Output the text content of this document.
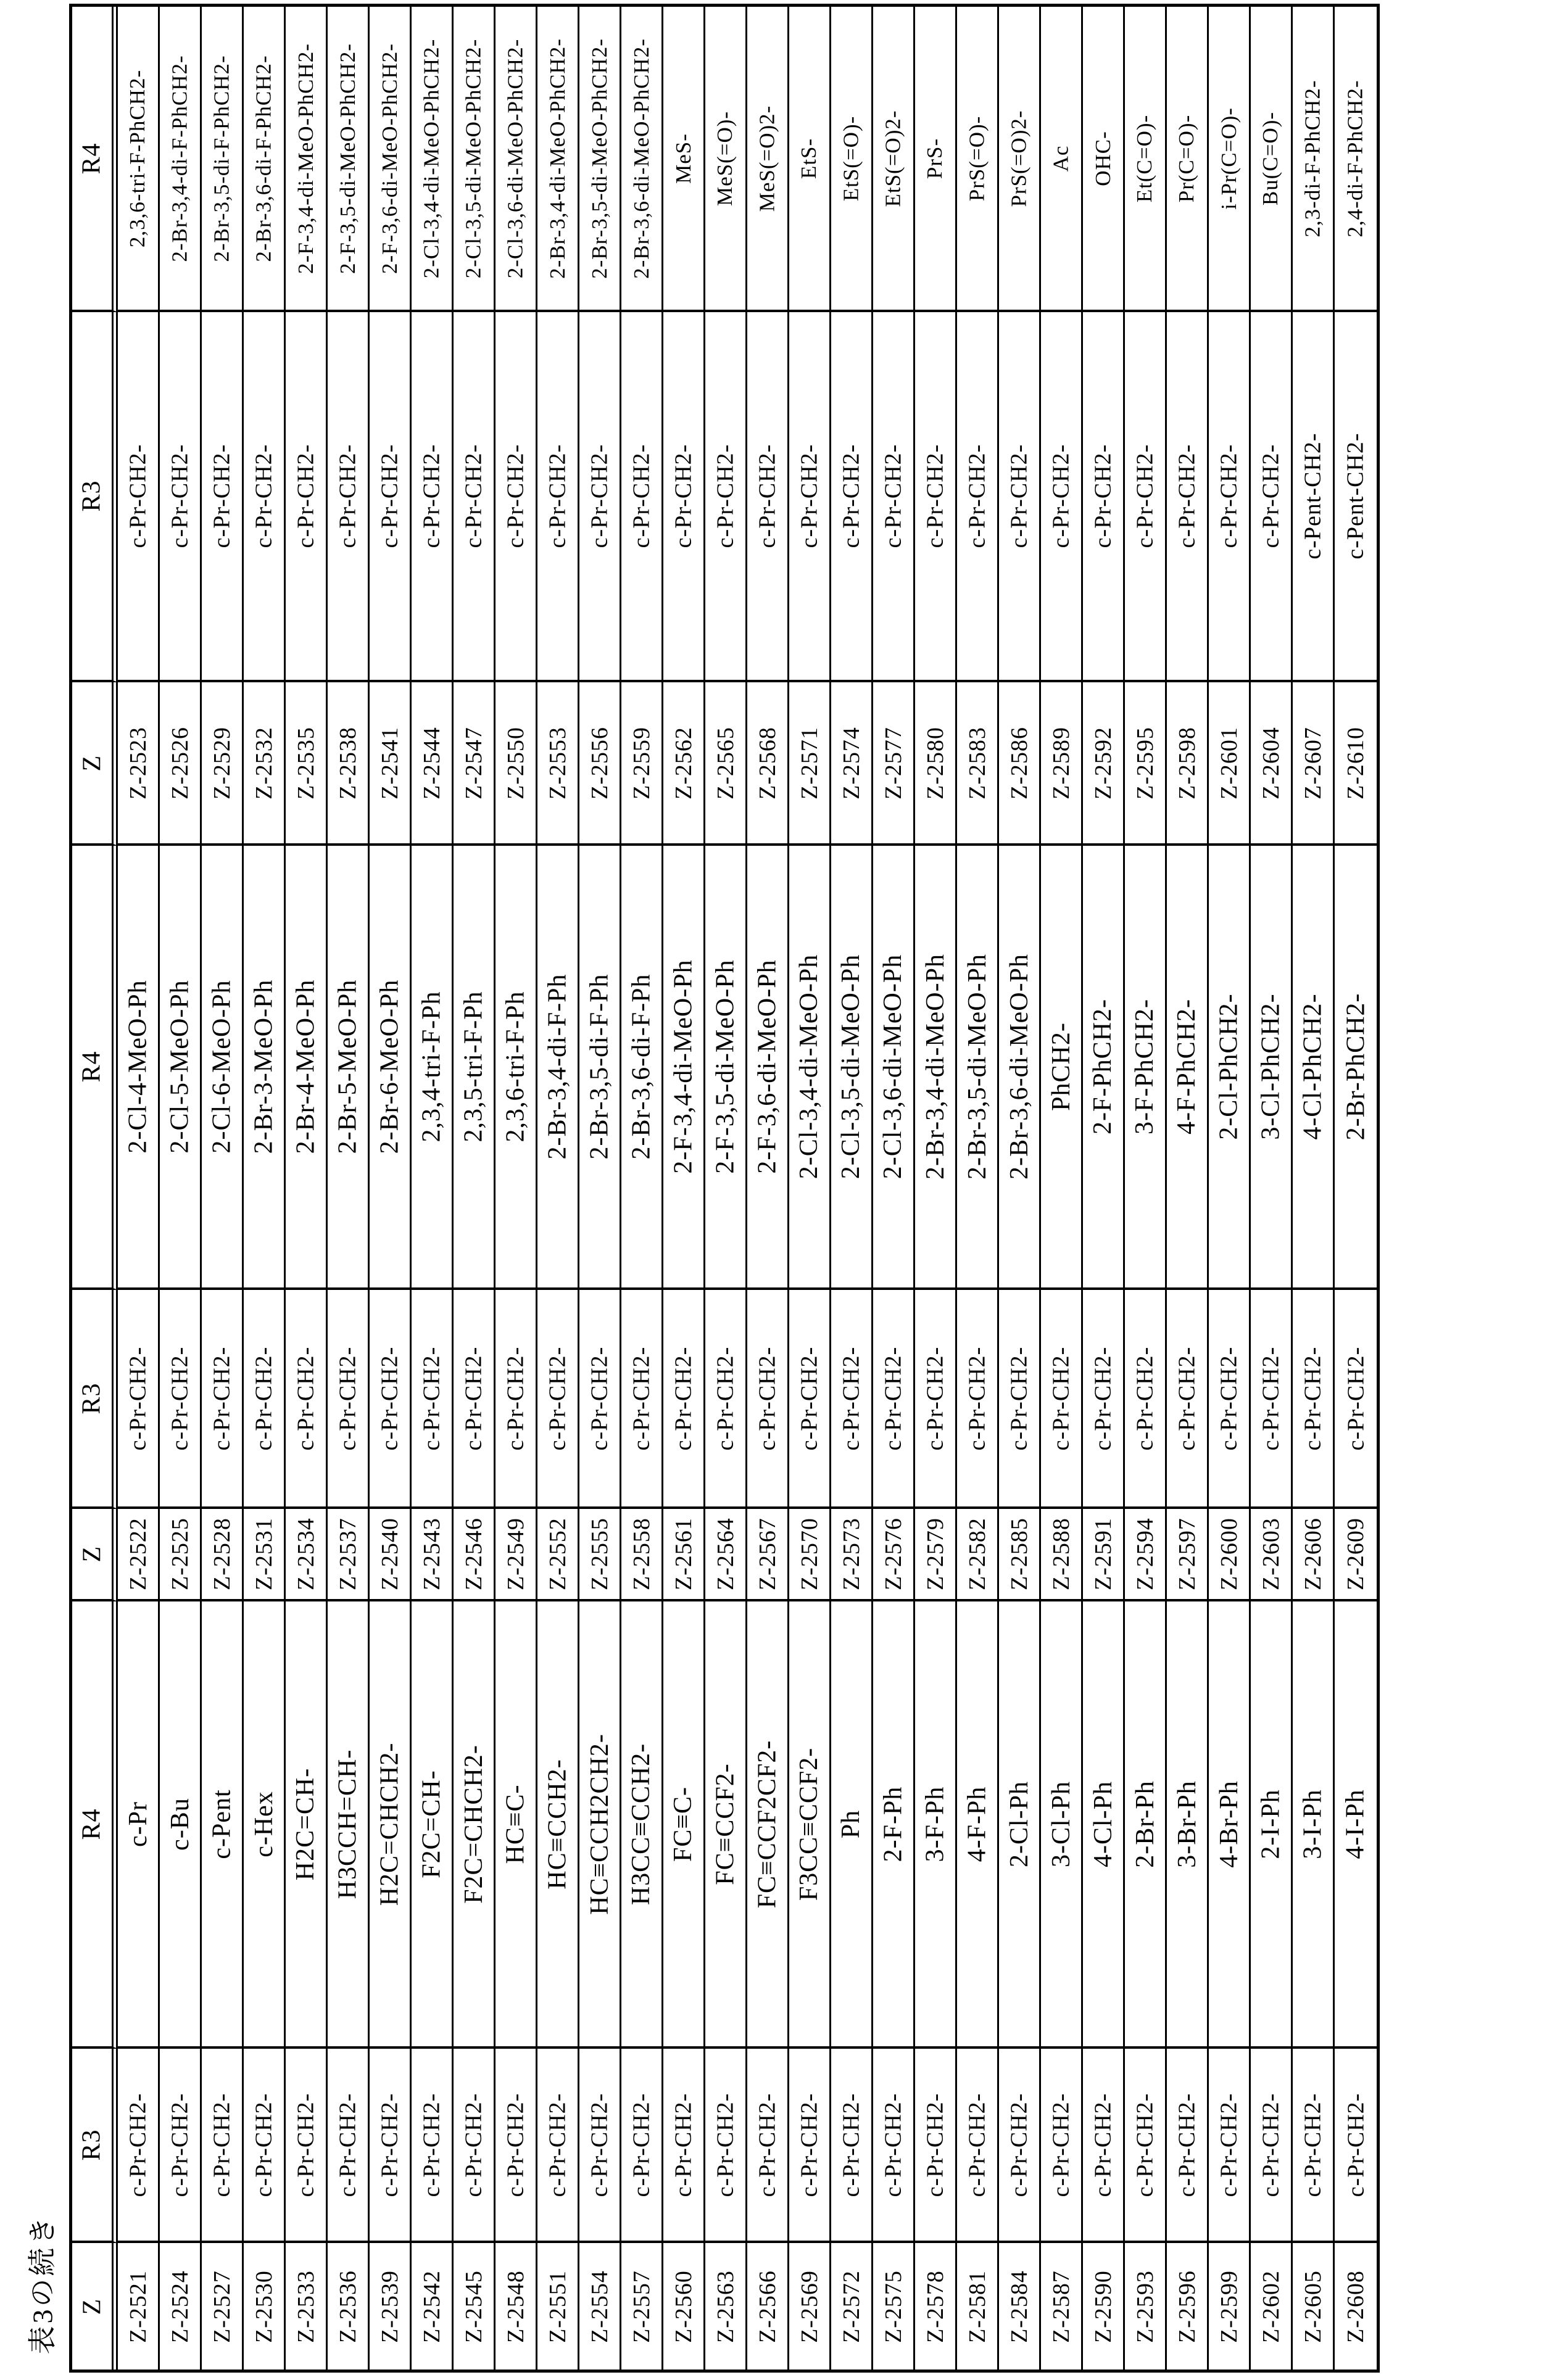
表3の続き
R4 2,3,6-tri-F-PhCH2- 2-Br-3,4-di-F-PhCH2- 2-Br-3,5-di-F-PhCH2- 2-Br-3,6-di-F-PhCH2- 2-F-3,4-di-MeO-PhCH2- 2-F-3,5-di-MeO-PhCH2- 2-F-3,6-di-MeO-PhCH2- 2-Cl-3,4-di-MeO-PhCH2- 2-Cl-3,5-di-MeO-PhCH2- 2-Cl-3,6-di-MeO-PhCH2- 2-Br-3,4-di-MeO-PhCH2- 2-Br-3,5-di-MeO-PhCH2- 2-Br-3,6-di-MeO-PhCH2- MeS- MeS(=O)- MeS(=O)2- EtS- EtS(=O)- EtS(=O)2- PrS- PrS(=O)- PrS(=O)2- Ac OHC- Et(C=O)- Pr(C=O)- i-Pr(C=O)- Bu(C=O)- 2,3-di-F-PhCH2- 2,4-di-F-PhCH2-
R3 c-Pr-CH2- c-Pr-CH2- c-Pr-CH2- c-Pr-CH2- c-Pr-CH2- c-Pr-CH2- c-Pr-CH2- c-Pr-CH2- c-Pr-CH2- c-Pr-CH2- c-Pr-CH2- c-Pr-CH2- c-Pr-CH2- c-Pr-CH2- c-Pr-CH2- c-Pr-CH2- c-Pr-CH2- c-Pr-CH2- c-Pr-CH2- c-Pr-CH2- c-Pr-CH2- c-Pr-CH2- c-Pr-CH2- c-Pr-CH2- c-Pr-CH2- c-Pr-CH2- c-Pr-CH2- c-Pr-CH2- c-Pent-CH2- c-Pent-CH2-
Z Z-2523 Z-2526 Z-2529 Z-2532 Z-2535 Z-2538 Z-2541 Z-2544 Z-2547 Z-2550 Z-2553 Z-2556 Z-2559 Z-2562 Z-2565 Z-2568 Z-2571 Z-2574 Z-2577 Z-2580 Z-2583 Z-2586 Z-2589 Z-2592 Z-2595 Z-2598 Z-2601 Z-2604 Z-2607 Z-2610
R4 2-Cl-4-MeO-Ph 2-Cl-5-MeO-Ph 2-Cl-6-MeO-Ph 2-Br-3-MeO-Ph 2-Br-4-MeO-Ph 2-Br-5-MeO-Ph 2-Br-6-MeO-Ph 2,3,4-tri-F-Ph 2,3,5-tri-F-Ph 2,3,6-tri-F-Ph 2-Br-3,4-di-F-Ph 2-Br-3,5-di-F-Ph 2-Br-3,6-di-F-Ph 2-F-3,4-di-MeO-Ph 2-F-3,5-di-MeO-Ph 2-F-3,6-di-MeO-Ph 2-Cl-3,4-di-MeO-Ph 2-Cl-3,5-di-MeO-Ph 2-Cl-3,6-di-MeO-Ph 2-Br-3,4-di-MeO-Ph 2-Br-3,5-di-MeO-Ph 2-Br-3,6-di-MeO-Ph PhCH2- 2-F-PhCH2- 3-F-PhCH2- 4-F-PhCH2- 2-Cl-PhCH2- 3-Cl-PhCH2- 4-Cl-PhCH2- 2-Br-PhCH2-
R3 c-Pr-CH2- c-Pr-CH2- c-Pr-CH2- c-Pr-CH2- c-Pr-CH2- c-Pr-CH2- c-Pr-CH2- c-Pr-CH2- c-Pr-CH2- c-Pr-CH2- c-Pr-CH2- c-Pr-CH2- c-Pr-CH2- c-Pr-CH2- c-Pr-CH2- c-Pr-CH2- c-Pr-CH2- c-Pr-CH2- c-Pr-CH2- c-Pr-CH2- c-Pr-CH2- c-Pr-CH2- c-Pr-CH2- c-Pr-CH2- c-Pr-CH2- c-Pr-CH2- c-Pr-CH2- c-Pr-CH2- c-Pr-CH2- c-Pr-CH2-
Z Z-2522 Z-2525 Z-2528 Z-2531 Z-2534 Z-2537 Z-2540 Z-2543 Z-2546 Z-2549 Z-2552 Z-2555 Z-2558 Z-2561 Z-2564 Z-2567 Z-2570 Z-2573 Z-2576 Z-2579 Z-2582 Z-2585 Z-2588 Z-2591 Z-2594 Z-2597 Z-2600 Z-2603 Z-2606 Z-2609
R4 c-Pr c-Bu c-Pent c-Hex H2C=CH- H3CCH=CH- H2C=CHCH2- F2C=CH- F2C=CHCH2- HC≡C- HC≡CCH2- HC≡CCH2CH2- H3CC≡CCH2- FC≡C- FC≡CCF2- FC≡CCF2CF2- F3CC≡CCF2- Ph 2-F-Ph 3-F-Ph 4-F-Ph 2-Cl-Ph 3-Cl-Ph 4-Cl-Ph 2-Br-Ph 3-Br-Ph 4-Br-Ph 2-I-Ph 3-I-Ph 4-I-Ph
R3 c-Pr-CH2- c-Pr-CH2- c-Pr-CH2- c-Pr-CH2- c-Pr-CH2- c-Pr-CH2- c-Pr-CH2- c-Pr-CH2- c-Pr-CH2- c-Pr-CH2- c-Pr-CH2- c-Pr-CH2- c-Pr-CH2- c-Pr-CH2- c-Pr-CH2- c-Pr-CH2- c-Pr-CH2- c-Pr-CH2- c-Pr-CH2- c-Pr-CH2- c-Pr-CH2- c-Pr-CH2- c-Pr-CH2- c-Pr-CH2- c-Pr-CH2- c-Pr-CH2- c-Pr-CH2- c-Pr-CH2- c-Pr-CH2- c-Pr-CH2-
Z Z-2521 Z-2524 Z-2527 Z-2530 Z-2533 Z-2536 Z-2539 Z-2542 Z-2545 Z-2548 Z-2551 Z-2554 Z-2557 Z-2560 Z-2563 Z-2566 Z-2569 Z-2572 Z-2575 Z-2578 Z-2581 Z-2584 Z-2587 Z-2590 Z-2593 Z-2596 Z-2599 Z-2602 Z-2605 Z-2608
